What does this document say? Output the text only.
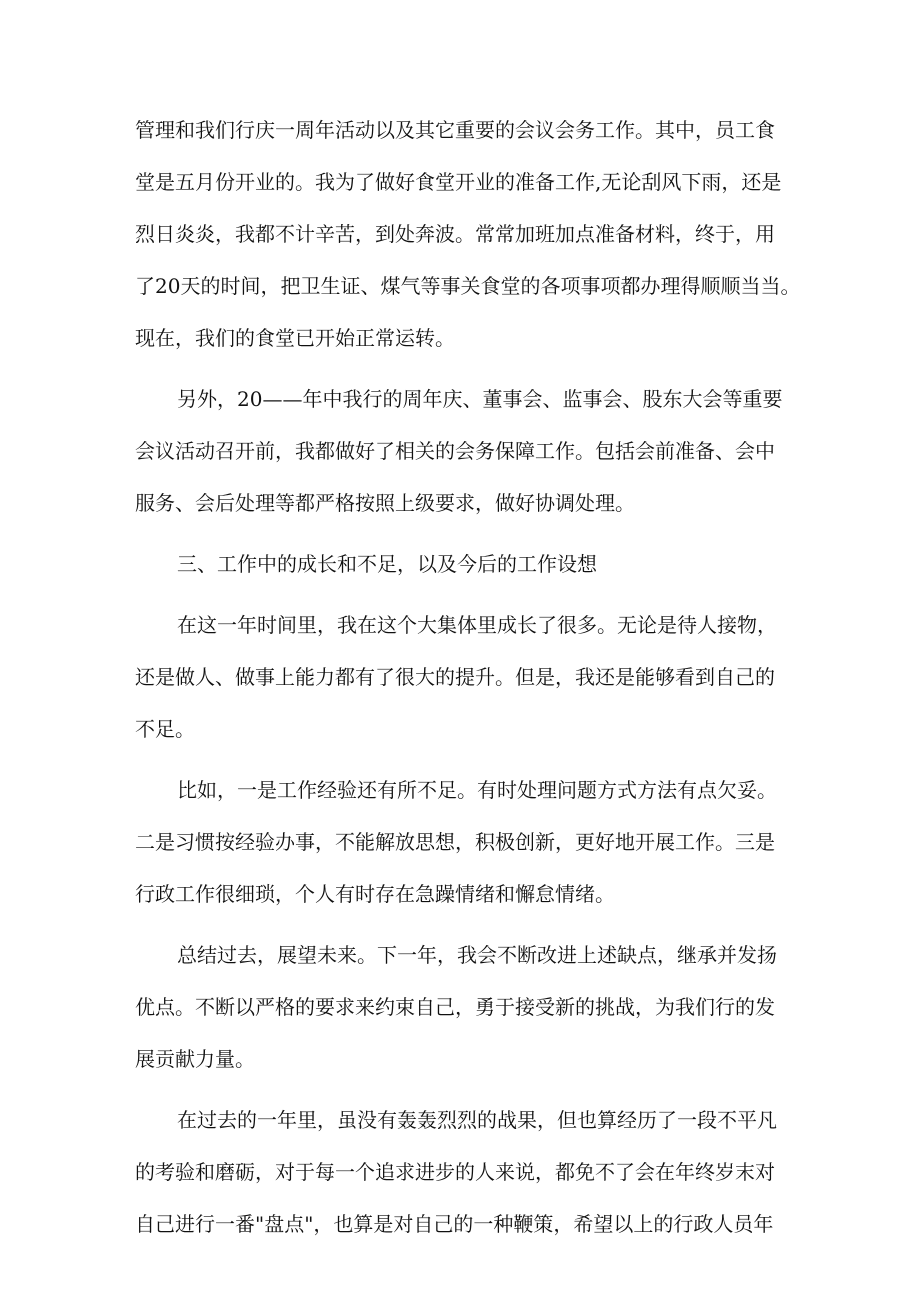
管理和我们行庆一周年活动以及其它重要的会议会务工作。其中，员工食
堂是五月份开业的。我为了做好食堂开业的准备工作,无论刮风下雨，还是
烈日炎炎，我都不计辛苦，到处奔波。常常加班加点准备材料，终于，用
了20天的时间，把卫生证、煤气等事关食堂的各项事项都办理得顺顺当当。
现在，我们的食堂已开始正常运转。
另外，20——年中我行的周年庆、董事会、监事会、股东大会等重要
会议活动召开前，我都做好了相关的会务保障工作。包括会前准备、会中
服务、会后处理等都严格按照上级要求，做好协调处理。
三、工作中的成长和不足，以及今后的工作设想
在这一年时间里，我在这个大集体里成长了很多。无论是待人接物，
还是做人、做事上能力都有了很大的提升。但是，我还是能够看到自己的
不足。
比如，一是工作经验还有所不足。有时处理问题方式方法有点欠妥。
二是习惯按经验办事，不能解放思想，积极创新，更好地开展工作。三是
行政工作很细琐，个人有时存在急躁情绪和懈怠情绪。
总结过去，展望未来。下一年，我会不断改进上述缺点，继承并发扬
优点。不断以严格的要求来约束自己，勇于接受新的挑战，为我们行的发
展贡献力量。
在过去的一年里，虽没有轰轰烈烈的战果，但也算经历了一段不平凡
的考验和磨砺，对于每一个追求进步的人来说，都免不了会在年终岁末对
自己进行一番"盘点"，也算是对自己的一种鞭策，希望以上的行政人员年
